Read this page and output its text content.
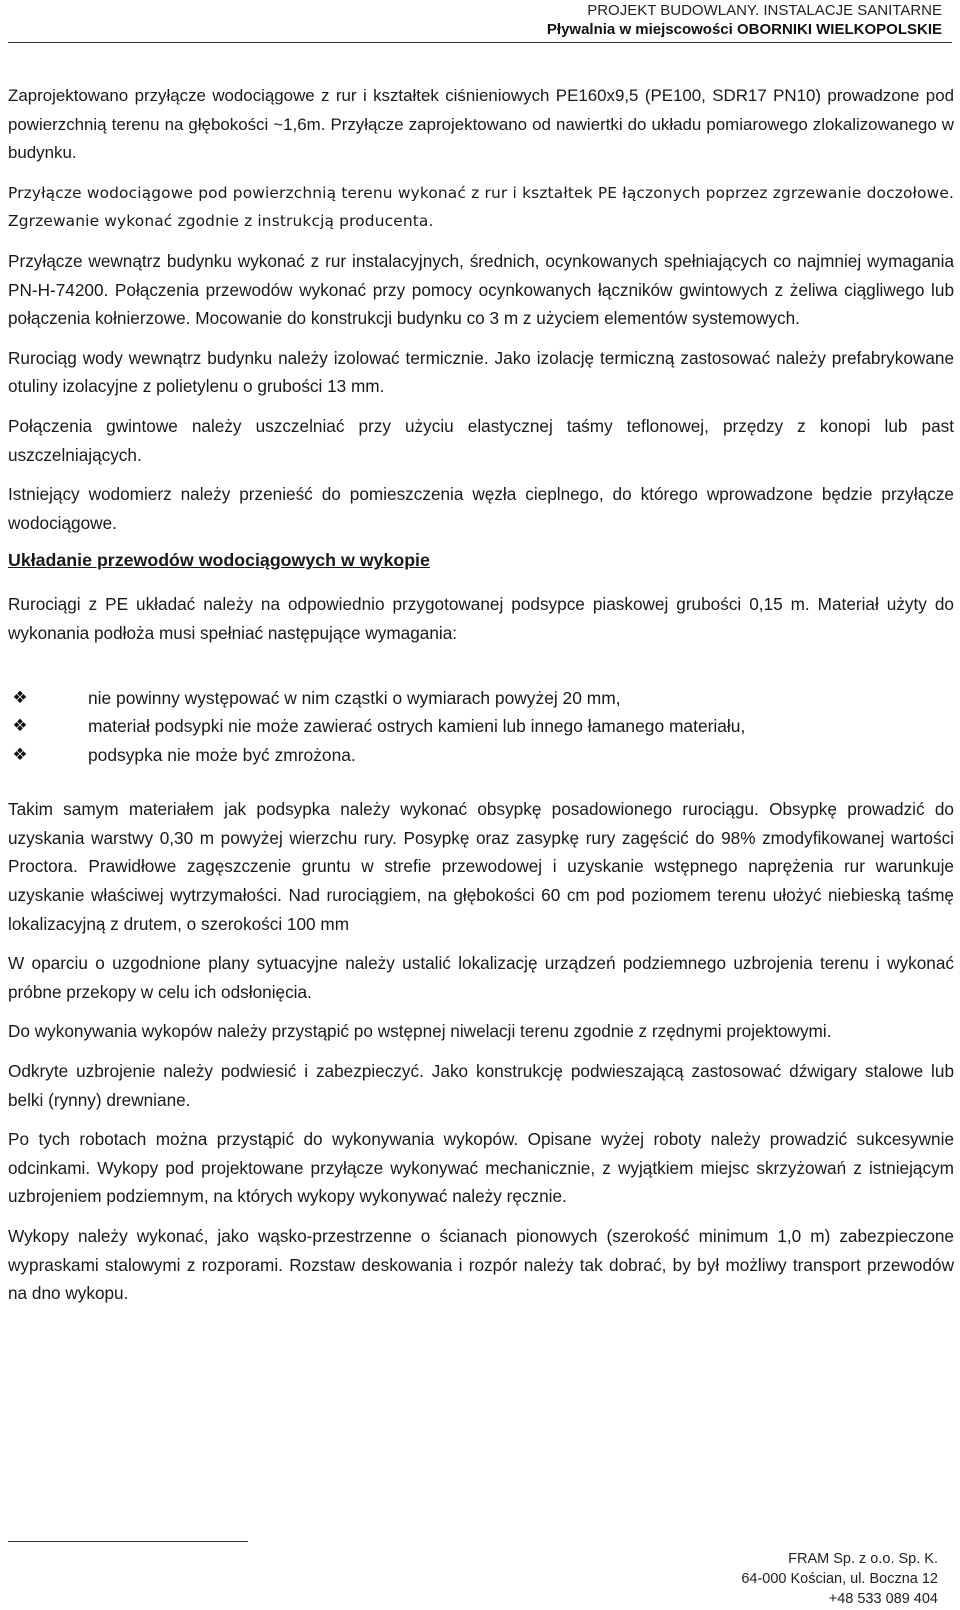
PROJEKT BUDOWLANY. INSTALACJE SANITARNE
Pływalnia w miejscowości OBORNIKI WIELKOPOLSKIE

Zaprojektowano przyłącze wodociągowe z rur i kształtek ciśnieniowych PE160x9,5 (PE100, SDR17 PN10) prowadzone pod powierzchnią terenu na głębokości ~1,6m. Przyłącze zaprojektowano od nawiertki do układu pomiarowego zlokalizowanego w budynku.

Przyłącze wodociągowe pod powierzchnią terenu wykonać z rur i kształtek PE łączonych poprzez zgrzewanie doczołowe. Zgrzewanie wykonać zgodnie z instrukcją producenta.

Przyłącze wewnątrz budynku wykonać z rur instalacyjnych, średnich, ocynkowanych spełniających co najmniej wymagania PN-H-74200. Połączenia przewodów wykonać przy pomocy ocynkowanych łączników gwintowych z żeliwa ciągliwego lub połączenia kołnierzowe. Mocowanie do konstrukcji budynku co 3 m z użyciem elementów systemowych.

Rurociąg wody wewnątrz budynku należy izolować termicznie. Jako izolację termiczną zastosować należy prefabrykowane otuliny izolacyjne z polietylenu o grubości 13 mm.

Połączenia gwintowe należy uszczelniać przy użyciu elastycznej taśmy teflonowej, przędzy z konopi lub past uszczelniających.

Istniejący wodomierz należy przenieść do pomieszczenia węzła cieplnego, do którego wprowadzone będzie przyłącze wodociągowe.

Układanie przewodów wodociągowych w wykopie

Rurociągi z PE układać należy na odpowiednio przygotowanej podsypce piaskowej grubości 0,15 m. Materiał użyty do wykonania podłoża musi spełniać następujące wymagania:

❖	nie powinny występować w nim cząstki o wymiarach powyżej 20 mm,
❖	materiał podsypki nie może zawierać ostrych kamieni lub innego łamanego materiału,
❖	podsypka nie może być zmrożona.

Takim samym materiałem jak podsypka należy wykonać obsypkę posadowionego rurociągu. Obsypkę prowadzić do uzyskania warstwy 0,30 m powyżej wierzchu rury. Posypkę oraz zasypkę rury zagęścić do 98% zmodyfikowanej wartości Proctora. Prawidłowe zagęszczenie gruntu w strefie przewodowej i uzyskanie wstępnego naprężenia rur warunkuje uzyskanie właściwej wytrzymałości. Nad rurociągiem, na głębokości 60 cm pod poziomem terenu ułożyć niebieską taśmę lokalizacyjną z drutem, o szerokości 100 mm

W oparciu o uzgodnione plany sytuacyjne należy ustalić lokalizację urządzeń podziemnego uzbrojenia terenu i wykonać próbne przekopy w celu ich odsłonięcia.

Do wykonywania wykopów należy przystąpić po wstępnej niwelacji terenu zgodnie z rzędnymi projektowymi.

Odkryte uzbrojenie należy podwiesić i zabezpieczyć. Jako konstrukcję podwieszającą zastosować dźwigary stalowe lub belki (rynny) drewniane.

Po tych robotach można przystąpić do wykonywania wykopów. Opisane wyżej roboty należy prowadzić sukcesywnie odcinkami. Wykopy pod projektowane przyłącze wykonywać mechanicznie, z wyjątkiem miejsc skrzyżowań z istniejącym uzbrojeniem podziemnym, na których wykopy wykonywać należy ręcznie.

Wykopy należy wykonać, jako wąsko-przestrzenne o ścianach pionowych (szerokość minimum 1,0 m) zabezpieczone wypraskami stalowymi z rozporami. Rozstaw deskowania i rozpór należy tak dobrać, by był możliwy transport przewodów na dno wykopu.

FRAM Sp. z o.o. Sp. K.
64-000 Kościan, ul. Boczna 12
+48 533 089 404
